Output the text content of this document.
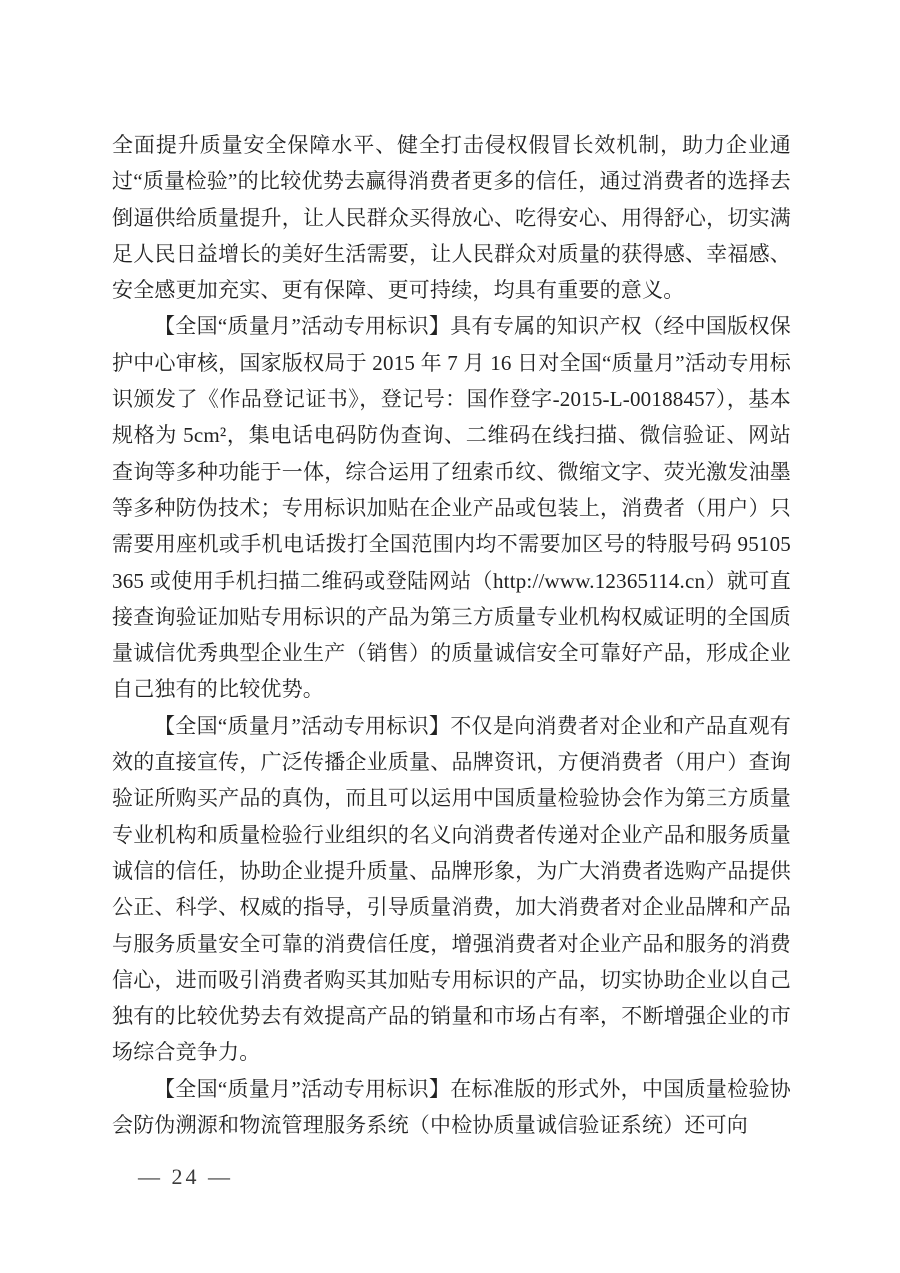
全面提升质量安全保障水平、健全打击侵权假冒长效机制，助力企业通过“质量检验”的比较优势去赢得消费者更多的信任，通过消费者的选择去倒逼供给质量提升，让人民群众买得放心、吃得安心、用得舒心，切实满足人民日益增长的美好生活需要，让人民群众对质量的获得感、幸福感、安全感更加充实、更有保障、更可持续，均具有重要的意义。

【全国“质量月”活动专用标识】具有专属的知识产权（经中国版权保护中心审核，国家版权局于 2015 年 7 月 16 日对全国“质量月”活动专用标识颁发了《作品登记证书》，登记号：国作登字-2015-L-00188457），基本规格为 5cm²，集电话电码防伪查询、二维码在线扫描、微信验证、网站查询等多种功能于一体，综合运用了纽索币纹、微缩文字、荧光激发油墨等多种防伪技术；专用标识加贴在企业产品或包装上，消费者（用户）只需要用座机或手机电话拨打全国范围内均不需要加区号的特服号码 95105365 或使用手机扫描二维码或登陆网站（http://www.12365114.cn）就可直接查询验证加贴专用标识的产品为第三方质量专业机构权威证明的全国质量诚信优秀典型企业生产（销售）的质量诚信安全可靠好产品，形成企业自己独有的比较优势。

【全国“质量月”活动专用标识】不仅是向消费者对企业和产品直观有效的直接宣传，广泛传播企业质量、品牌资讯，方便消费者（用户）查询验证所购买产品的真伪，而且可以运用中国质量检验协会作为第三方质量专业机构和质量检验行业组织的名义向消费者传递对企业产品和服务质量诚信的信任，协助企业提升质量、品牌形象，为广大消费者选购产品提供公正、科学、权威的指导，引导质量消费，加大消费者对企业品牌和产品与服务质量安全可靠的消费信任度，增强消费者对企业产品和服务的消费信心，进而吸引消费者购买其加贴专用标识的产品，切实协助企业以自己独有的比较优势去有效提高产品的销量和市场占有率，不断增强企业的市场综合竞争力。

【全国“质量月”活动专用标识】在标准版的形式外，中国质量检验协会防伪溯源和物流管理服务系统（中检协质量诚信验证系统）还可向

— 24 —
